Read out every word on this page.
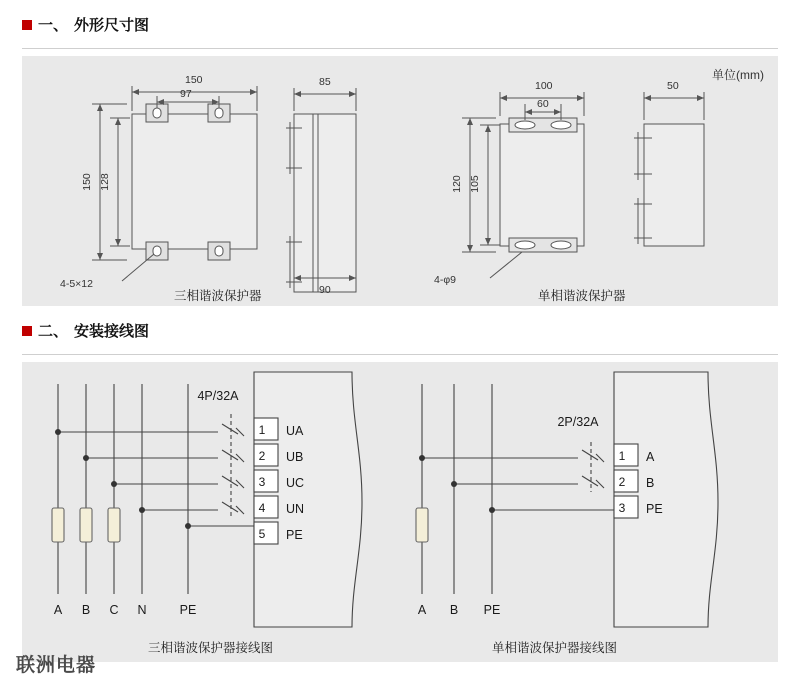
一、 外形尺寸图
单位(mm)
150
97
150 128
4-5×12
85
90
100
60
120 105
4-φ9
50
三相谐波保护器	单相谐波保护器
二、 安装接线图
1
2
3
4
5
UA
UB
UC
UN
PE
A B C N	PE
4P/32A
1
2
3
A
B
PE
A B PE
2P/32A
三相谐波保护器接线图	单相谐波保护器接线图
联洲电器
